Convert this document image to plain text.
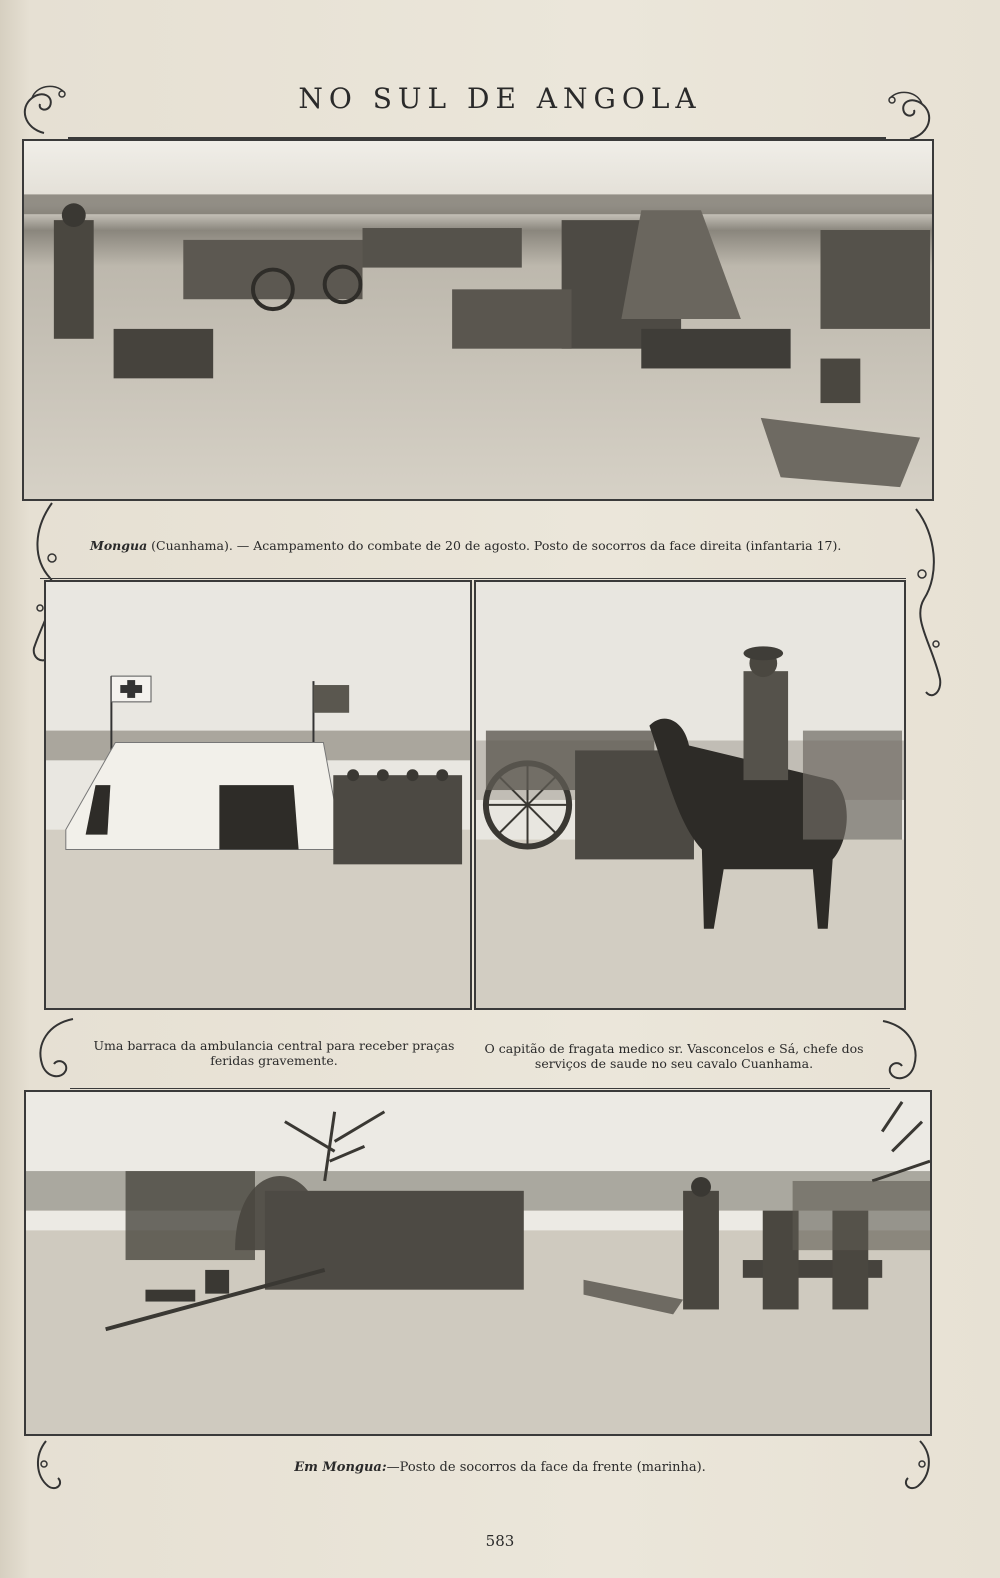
NO SUL DE ANGOLA
Mongua (Cuanhama). — Acampamento do combate de 20 de agosto. Posto de socorros da face direita (infantaria 17).
Uma barraca da ambulancia central para receber praças feridas gravemente.
O capitão de fragata medico sr. Vasconcelos e Sá, chefe dos serviços de saude no seu cavalo Cuanhama.
Em Mongua:—Posto de socorros da face da frente (marinha).
583
